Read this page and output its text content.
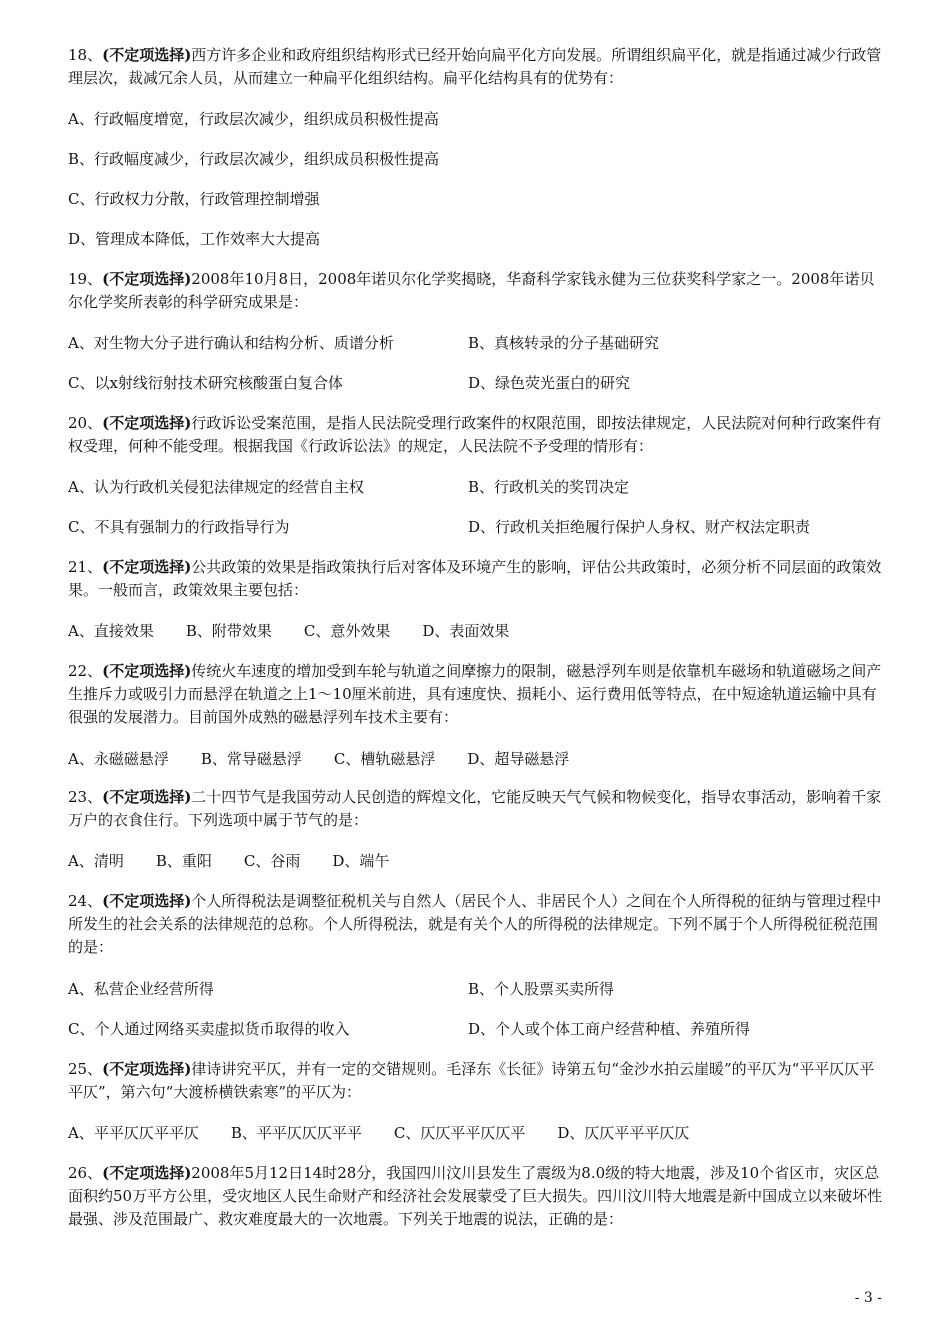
18、(不定项选择)西方许多企业和政府组织结构形式已经开始向扁平化方向发展。所谓组织扁平化，就是指通过减少行政管理层次，裁减冗余人员，从而建立一种扁平化组织结构。扁平化结构具有的优势有：

A、行政幅度增宽，行政层次减少，组织成员积极性提高
B、行政幅度减少，行政层次减少，组织成员积极性提高
C、行政权力分散，行政管理控制增强
D、管理成本降低，工作效率大大提高

19、(不定项选择)2008年10月8日，2008年诺贝尔化学奖揭晓，华裔科学家钱永健为三位获奖科学家之一。2008年诺贝尔化学奖所表彰的科学研究成果是：

A、对生物大分子进行确认和结构分析、质谱分析	B、真核转录的分子基础研究
C、以x射线衍射技术研究核酸蛋白复合体	D、绿色荧光蛋白的研究

20、(不定项选择)行政诉讼受案范围，是指人民法院受理行政案件的权限范围，即按法律规定，人民法院对何种行政案件有权受理，何种不能受理。根据我国《行政诉讼法》的规定，人民法院不予受理的情形有：

A、认为行政机关侵犯法律规定的经营自主权	B、行政机关的奖罚决定
C、不具有强制力的行政指导行为	D、行政机关拒绝履行保护人身权、财产权法定职责

21、(不定项选择)公共政策的效果是指政策执行后对客体及环境产生的影响，评估公共政策时，必须分析不同层面的政策效果。一般而言，政策效果主要包括：

A、直接效果 B、附带效果 C、意外效果 D、表面效果

22、(不定项选择)传统火车速度的增加受到车轮与轨道之间摩擦力的限制，磁悬浮列车则是依靠机车磁场和轨道磁场之间产生推斥力或吸引力而悬浮在轨道之上1～10厘米前进，具有速度快、损耗小、运行费用低等特点，在中短途轨道运输中具有很强的发展潜力。目前国外成熟的磁悬浮列车技术主要有：

A、永磁磁悬浮 B、常导磁悬浮 C、槽轨磁悬浮 D、超导磁悬浮

23、(不定项选择)二十四节气是我国劳动人民创造的辉煌文化，它能反映天气气候和物候变化，指导农事活动，影响着千家万户的衣食住行。下列选项中属于节气的是：

A、清明 B、重阳 C、谷雨 D、端午

24、(不定项选择)个人所得税法是调整征税机关与自然人（居民个人、非居民个人）之间在个人所得税的征纳与管理过程中所发生的社会关系的法律规范的总称。个人所得税法，就是有关个人的所得税的法律规定。下列不属于个人所得税征税范围的是：

A、私营企业经营所得	B、个人股票买卖所得
C、个人通过网络买卖虚拟货币取得的收入	D、个人或个体工商户经营种植、养殖所得

25、(不定项选择)律诗讲究平仄，并有一定的交错规则。毛泽东《长征》诗第五句“金沙水拍云崖暖”的平仄为“平平仄仄平平仄”，第六句“大渡桥横铁索寒”的平仄为：

A、平平仄仄平平仄 B、平平仄仄仄平平 C、仄仄平平仄仄平 D、仄仄平平平仄仄

26、(不定项选择)2008年5月12日14时28分，我国四川汶川县发生了震级为8.0级的特大地震，涉及10个省区市，灾区总面积约50万平方公里，受灾地区人民生命财产和经济社会发展蒙受了巨大损失。四川汶川特大地震是新中国成立以来破坏性最强、涉及范围最广、救灾难度最大的一次地震。下列关于地震的说法，正确的是：

- 3 -
